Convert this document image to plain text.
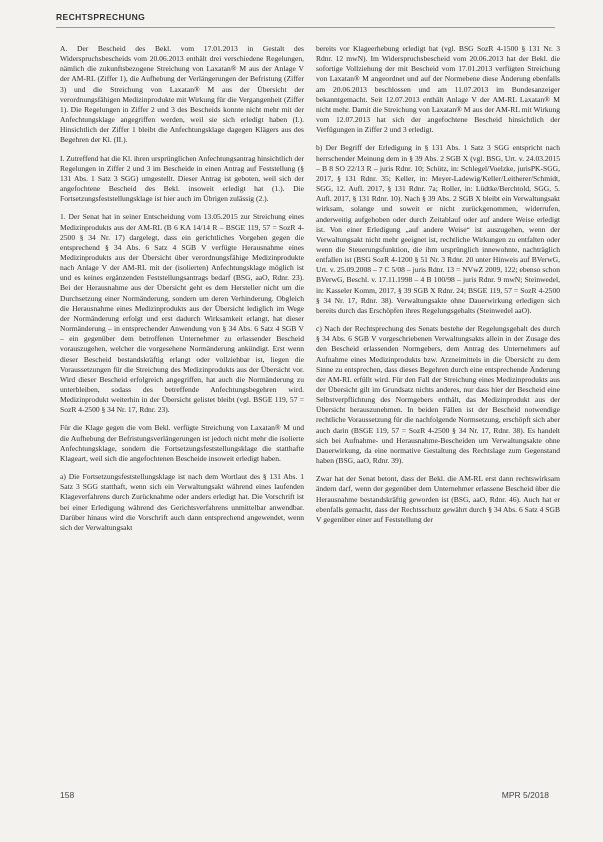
RECHTSPRECHUNG

A. Der Bescheid des Bekl. vom 17.01.2013 in Gestalt des Widerspruchsbescheids vom 20.06.2013 enthält drei verschiedene Regelungen, nämlich die zukunftsbezogene Streichung von Laxatan® M aus der Anlage V der AM-RL (Ziffer 1), die Aufhebung der Verlängerungen der Befristung (Ziffer 3) und die Streichung von Laxatan® M aus der Übersicht der verordnungsfähigen Medizinprodukte mit Wirkung für die Vergangenheit (Ziffer 1). Die Regelungen in Ziffer 2 und 3 des Bescheids konnte nicht mehr mit der Anfechtungsklage angegriffen werden, weil sie sich erledigt haben (I.). Hinsichtlich der Ziffer 1 bleibt die Anfechtungsklage dagegen Klägers aus des Begehren der Kl. (II.).

I. Zutreffend hat die Kl. ihren ursprünglichen Anfechtungsantrag hinsichtlich der Regelungen in Ziffer 2 und 3 im Bescheide in einen Antrag auf Feststellung (§ 131 Abs. 1 Satz 3 SGG) umgestellt. Dieser Antrag ist geboten, weil sich der angefochtene Bescheid des Bekl. insoweit erledigt hat (1.). Die Fortsetzungsfeststellungsklage ist hier auch im Übrigen zulässig (2.).

1. Der Senat hat in seiner Entscheidung vom 13.05.2015 zur Streichung eines Medizinprodukts aus der AM-RL (B 6 KA 14/14 R – BSGE 119, 57 = SozR 4-2500 § 34 Nr. 17) dargelegt, dass ein gerichtliches Vorgehen gegen die entsprechend § 34 Abs. 6 Satz 4 SGB V verfügte Herausnahme eines Medizinprodukts aus der Übersicht über verordnungsfähige Medizinprodukte nach Anlage V der AM-RL mit der (isolierten) Anfechtungsklage möglich ist und es keines ergänzenden Feststellungsantrags bedarf (BSG, aaO, Rdnr. 23). Bei der Herausnahme aus der Übersicht geht es dem Hersteller nicht um die Durchsetzung einer Normänderung, sondern um deren Verhinderung. Obgleich die Herausnahme eines Medizinprodukts aus der Übersicht lediglich im Wege der Normänderung erfolgt und erst dadurch Wirksamkeit erlangt, hat dieser Normänderung – in entsprechender Anwendung von § 34 Abs. 6 Satz 4 SGB V – ein gegenüber dem betroffenen Unternehmer zu erlassender Bescheid vorauszugehen, welcher die vorgesehene Normänderung ankündigt. Erst wenn dieser Bescheid bestandskräftig erlangt oder vollziehbar ist, liegen die Voraussetzungen für die Streichung des Medizinprodukts aus der Übersicht vor. Wird dieser Bescheid erfolgreich angegriffen, hat auch die Normänderung zu unterbleiben, sodass des betreffende Anfechtungsbegehren wird. Medizinprodukt weiterhin in der Übersicht gelistet bleibt (vgl. BSGE 119, 57 = SozR 4-2500 § 34 Nr. 17, Rdnr. 23).

Für die Klage gegen die vom Bekl. verfügte Streichung von Laxatan® M und die Aufhebung der Befristungsverlängerungen ist jedoch nicht mehr die isolierte Anfechtungsklage, sondern die Fortsetzungsfeststellungsklage die statthafte Klageart, weil sich die angefochtenen Bescheide insoweit erledigt haben.

a) Die Fortsetzungsfeststellungsklage ist nach dem Wortlaut des § 131 Abs. 1 Satz 3 SGG statthaft, wenn sich ein Verwaltungsakt während eines laufenden Klageverfahrens durch Zurücknahme oder anders erledigt hat. Die Vorschrift ist bei einer Erledigung während des Gerichtsverfahrens unmittelbar anwendbar. Darüber hinaus wird die Vorschrift auch dann entsprechend angewendet, wenn sich der Verwaltungsakt

bereits vor Klageerhebung erledigt hat (vgl. BSG SozR 4-1500 § 131 Nr. 3 Rdnr. 12 mwN). Im Widerspruchsbescheid vom 20.06.2013 hat der Bekl. die sofortige Vollziehung der mit Bescheid vom 17.01.2013 verfügten Streichung von Laxatan® M angeordnet und auf der Normebene diese Änderung ebenfalls am 20.06.2013 beschlossen und am 11.07.2013 im Bundesanzeiger bekanntgemacht. Seit 12.07.2013 enthält Anlage V der AM-RL Laxatan® M nicht mehr. Damit die Streichung von Laxatan® M aus der AM-RL mit Wirkung vom 12.07.2013 hat sich der angefochtene Bescheid hinsichtlich der Verfügungen in Ziffer 2 und 3 erledigt.

b) Der Begriff der Erledigung in § 131 Abs. 1 Satz 3 SGG entspricht nach herrschender Meinung dem in § 39 Abs. 2 SGB X (vgl. BSG, Urt. v. 24.03.2015 – B 8 SO 22/13 R – juris Rdnr. 10; Schütz, in: Schlegel/Voelzke, jurisPK-SGG, 2017, § 131 Rdnr. 35; Keller, in: Meyer-Ladewig/Keller/Leitherer/Schmidt, SGG, 12. Aufl. 2017, § 131 Rdnr. 7a; Roller, in: Lüdtke/Berchtold, SGG, 5. Aufl. 2017, § 131 Rdnr. 10). Nach § 39 Abs. 2 SGB X bleibt ein Verwaltungsakt wirksam, solange und soweit er nicht zurückgenommen, widerrufen, anderweitig aufgehoben oder durch Zeitablauf oder auf andere Weise erledigt ist. Von einer Erledigung „auf andere Weise“ ist auszugehen, wenn der Verwaltungsakt nicht mehr geeignet ist, rechtliche Wirkungen zu entfalten oder wenn die Steuerungsfunktion, die ihm ursprünglich innewohnte, nachträglich entfallen ist (BSG SozR 4-1200 § 51 Nr. 3 Rdnr. 20 unter Hinweis auf BVerwG, Urt. v. 25.09.2008 – 7 C 5/08 – juris Rdnr. 13 = NVwZ 2009, 122; ebenso schon BVerwG, Beschl. v. 17.11.1998 – 4 B 100/98 – juris Rdnr. 9 mwN; Steinwedel, in: Kasseler Komm, 2017, § 39 SGB X Rdnr. 24; BSGE 119, 57 = SozR 4-2500 § 34 Nr. 17, Rdnr. 38). Verwaltungsakte ohne Dauerwirkung erledigen sich bereits durch das Erschöpfen ihres Regelungsgehalts (Steinwedel aaO).

c) Nach der Rechtsprechung des Senats bestehe der Regelungsgehalt des durch § 34 Abs. 6 SGB V vorgeschriebenen Verwaltungsakts allein in der Zusage des den Bescheid erlassenden Normgebers, dem Antrag des Unternehmers auf Aufnahme eines Medizinprodukts bzw. Arzneimittels in die Übersicht zu dem Sinne zu entsprechen, dass dieses Begehren durch eine entsprechende Änderung der AM-RL erfüllt wird. Für den Fall der Streichung eines Medizinprodukts aus der Übersicht gilt im Grundsatz nichts anderes, nur dass hier der Bescheid eine Selbstverpflichtung des Normgebers enthält, das Medizinprodukt aus der Übersicht herauszunehmen. In beiden Fällen ist der Bescheid notwendige rechtliche Voraussetzung für die nachfolgende Normsetzung, erschöpft sich aber auch darin (BSGE 119, 57 = SozR 4-2500 § 34 Nr. 17, Rdnr. 38). Es handelt sich bei Aufnahme- und Herausnahme-Bescheiden um Verwaltungsakte ohne Dauerwirkung, da eine normative Gestaltung des Rechtslage zum Gegenstand haben (BSG, aaO, Rdnr. 39).

Zwar hat der Senat betont, dass der Bekl. die AM-RL erst dann rechtswirksam ändern darf, wenn der gegenüber dem Unternehmer erlassene Bescheid über die Herausnahme bestandskräftig geworden ist (BSG, aaO, Rdnr. 46). Auch hat er ebenfalls gemacht, dass der Rechtsschutz gewährt durch § 34 Abs. 6 Satz 4 SGB V gegenüber einer auf Feststellung der

158	MPR 5/2018
